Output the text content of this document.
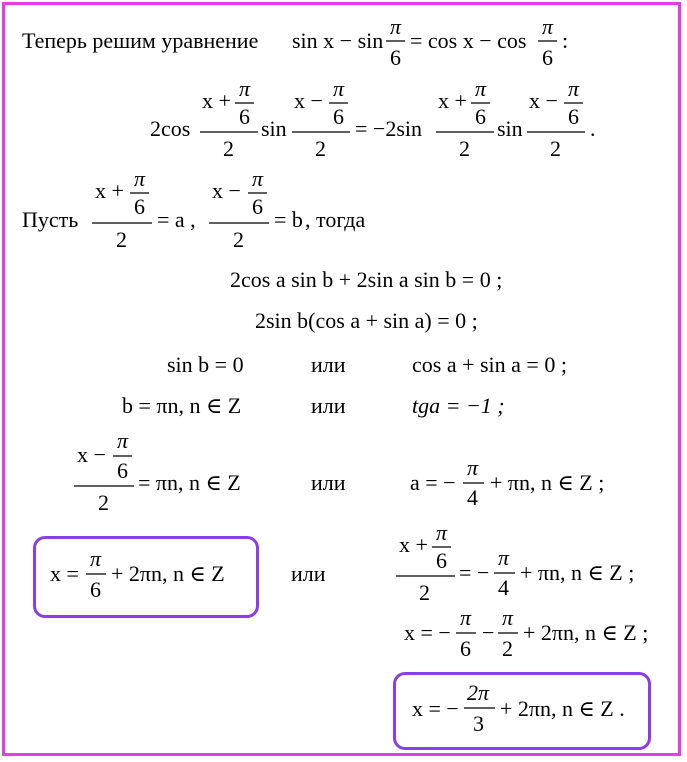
Теперь решим уравнение sin x − sin
π
6
= cos x − cos
π
6
:
2cos
x + π
6
2
sin
x − π
6
2
= −2sin
x + π
6
2
sin
x − π
6
2
.
Пусть
x + π
6
2
= a ,
x − π
6
2
= b , тогда
2cos a sin b + 2sin a sin b = 0 ;
2sin b(cos a + sin a) = 0 ;
sin b = 0	или	cos a + sin a = 0 ;
b = πn, n ∈ Z	или	tga = −1 ;
x −
π
6
2
= πn, n ∈ Z	или	a = −
π
4
+ πn, n ∈ Z ;
x =
π
6
+ 2πn, n ∈ Z	или
x + π
6
2
= −
π
4
+ πn, n ∈ Z ;
x = −
π
6
−
π
2
+ 2πn, n ∈ Z ;
x = −
2π
3
+ 2πn, n ∈ Z .
